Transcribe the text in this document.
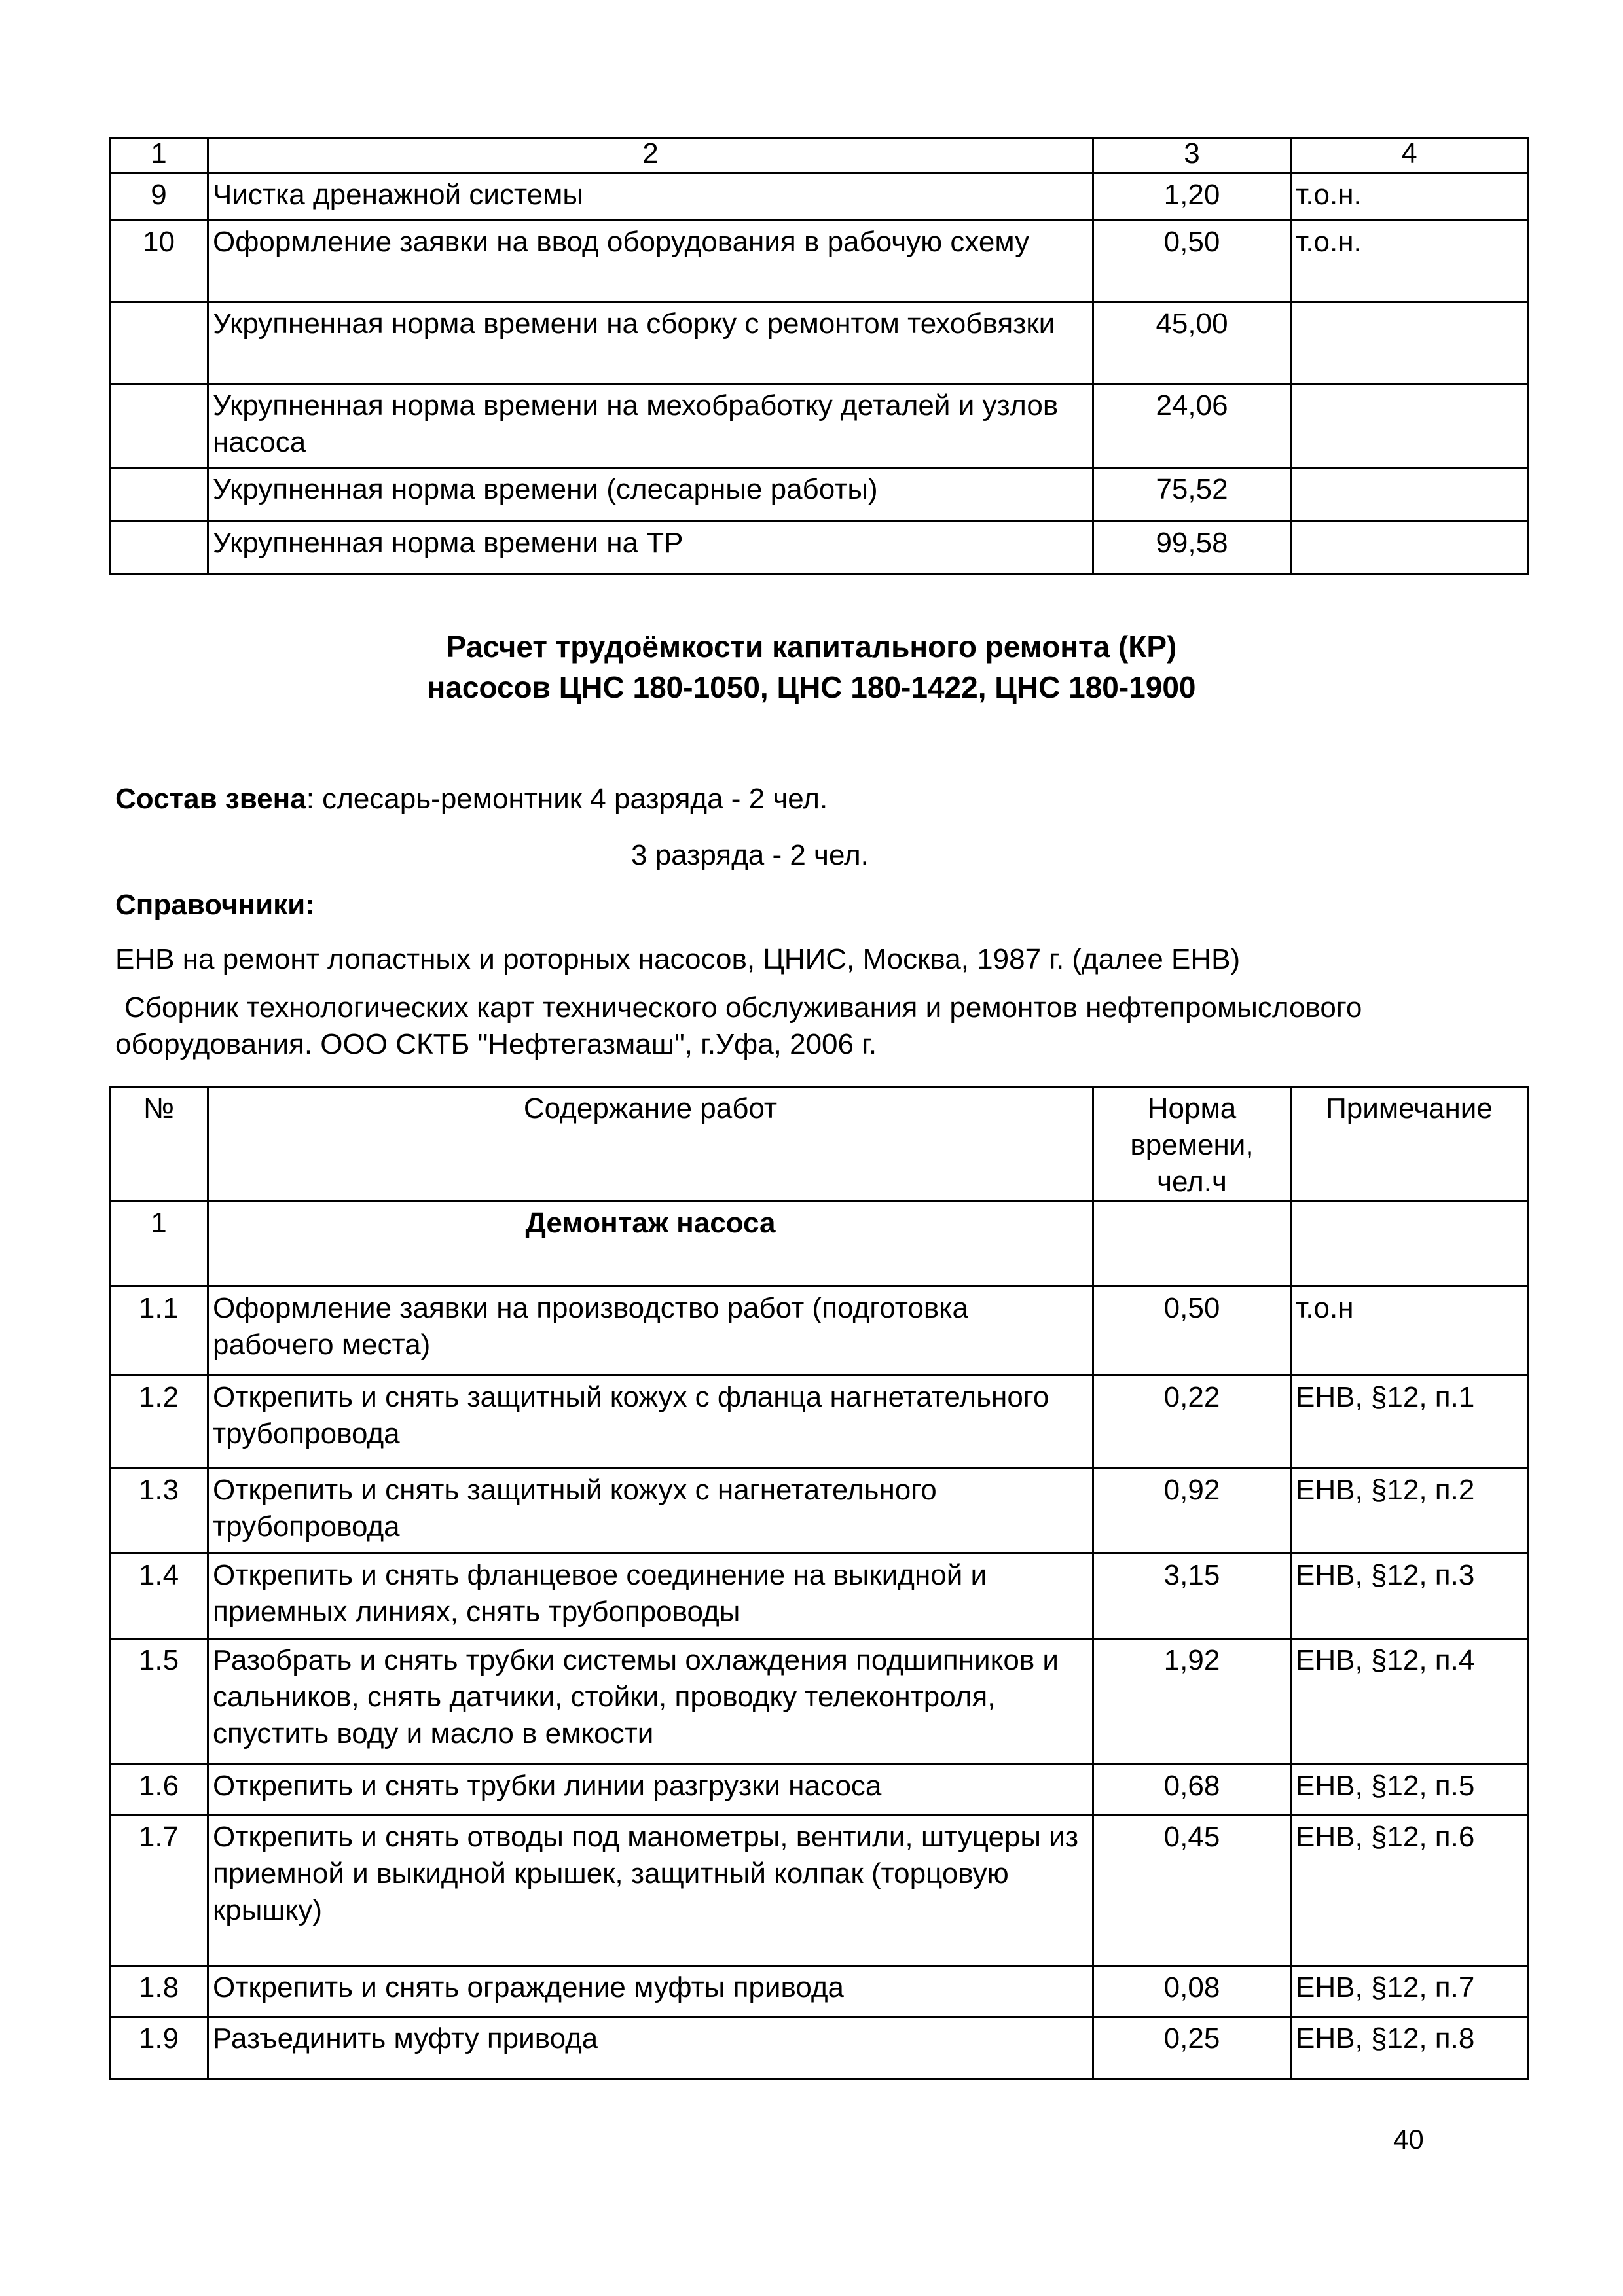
1	2	3	4
9	Чистка дренажной системы	1,20	т.о.н.
10	Оформление заявки на ввод оборудования в рабочую схему	0,50	т.о.н.
	Укрупненная норма времени на сборку с ремонтом техобвязки	45,00	
	Укрупненная норма времени на мехобработку деталей и узлов насоса	24,06	
	Укрупненная норма времени (слесарные работы)	75,52	
	Укрупненная норма времени на ТР	99,58	
Расчет трудоёмкости капитального ремонта (КР)
насосов ЦНС 180-1050, ЦНС 180-1422, ЦНС 180-1900
Состав звена: слесарь-ремонтник 4 разряда - 2 чел.
3 разряда - 2 чел.
Справочники:
ЕНВ на ремонт лопастных и роторных насосов, ЦНИС, Москва, 1987 г. (далее ЕНВ)
Сборник технологических карт технического обслуживания и ремонтов нефтепромыслового
оборудования. ООО СКТБ "Нефтегазмаш", г.Уфа, 2006 г.
№	Содержание работ	Норма времени, чел.ч	Примечание
1	Демонтаж насоса		
1.1	Оформление заявки на производство работ (подготовка рабочего места)	0,50	т.о.н
1.2	Открепить и снять защитный кожух с фланца нагнетательного трубопровода	0,22	ЕНВ, §12, п.1
1.3	Открепить и снять защитный кожух с нагнетательного трубопровода	0,92	ЕНВ, §12, п.2
1.4	Открепить и снять фланцевое соединение на выкидной и приемных линиях, снять трубопроводы	3,15	ЕНВ, §12, п.3
1.5	Разобрать и снять трубки системы охлаждения подшипников и сальников, снять датчики, стойки, проводку телеконтроля, спустить воду и масло в емкости	1,92	ЕНВ, §12, п.4
1.6	Открепить и снять трубки линии разгрузки насоса	0,68	ЕНВ, §12, п.5
1.7	Открепить и снять отводы под манометры, вентили, штуцеры из приемной и выкидной крышек, защитный колпак (торцовую крышку)	0,45	ЕНВ, §12, п.6
1.8	Открепить и снять ограждение муфты привода	0,08	ЕНВ, §12, п.7
1.9	Разъединить муфту привода	0,25	ЕНВ, §12, п.8
40
